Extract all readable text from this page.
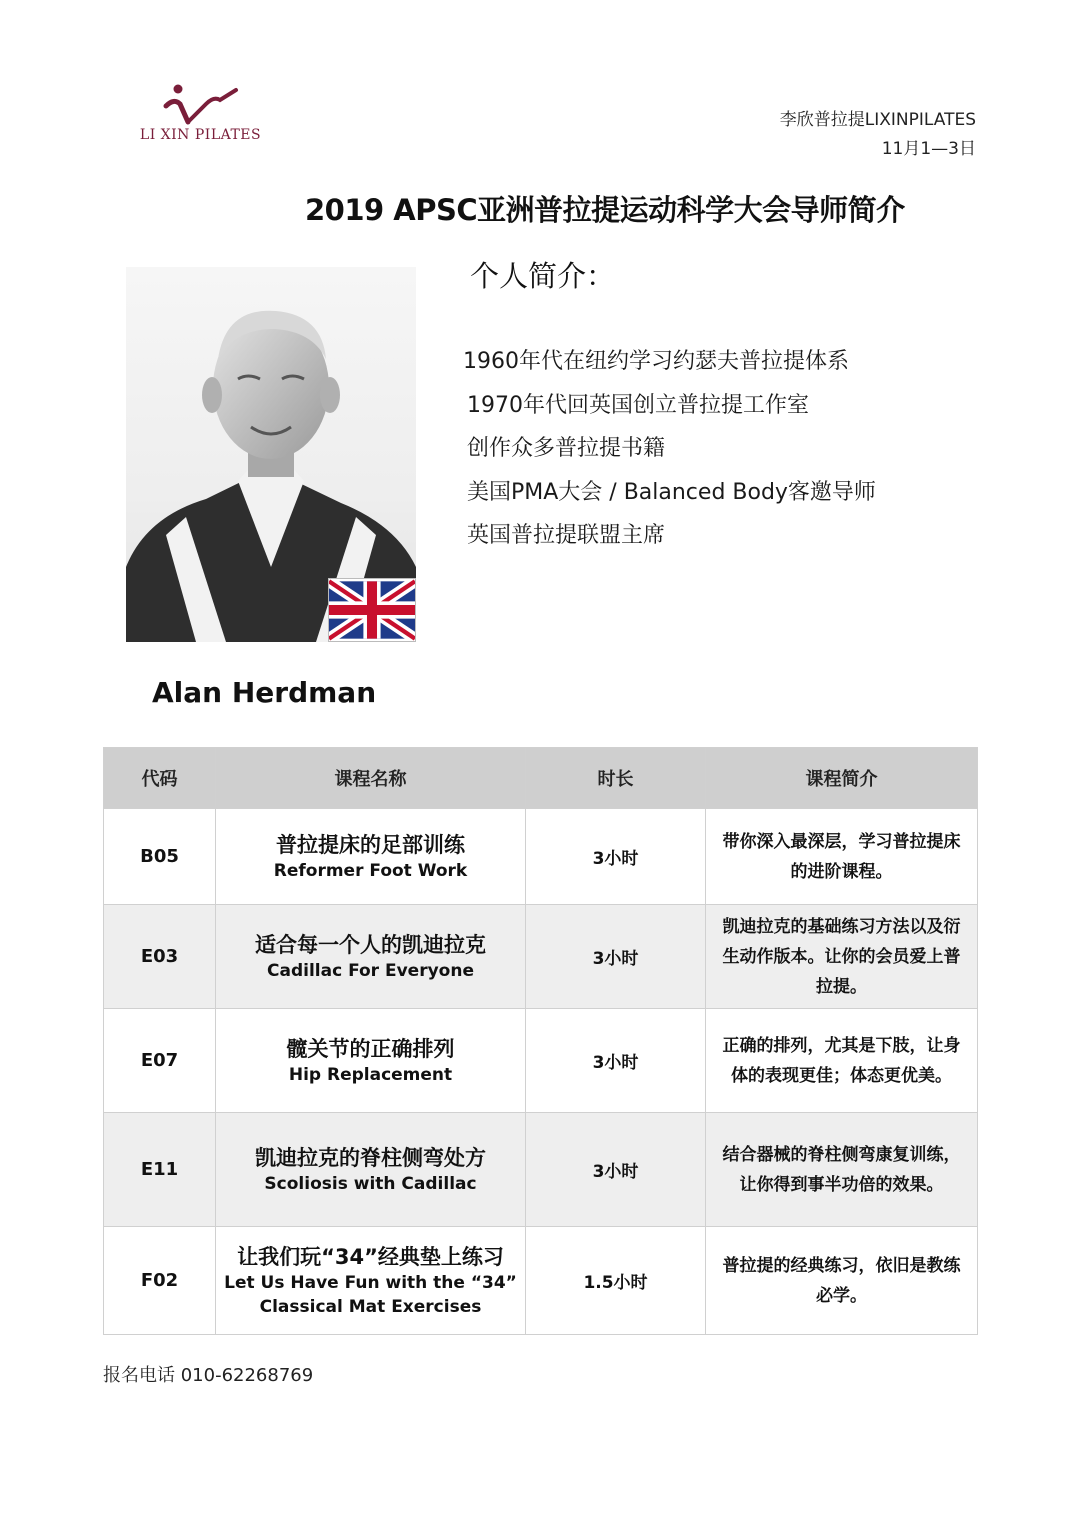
LI XIN PILATES
李欣普拉提LIXINPILATES
11月1—3日
2019 APSC亚洲普拉提运动科学大会导师简介
个人简介：
1960年代在纽约学习约瑟夫普拉提体系
1970年代回英国创立普拉提工作室
创作众多普拉提书籍
美国PMA大会 / Balanced Body客邀导师
英国普拉提联盟主席
Alan Herdman
代码	课程名称	时长	课程简介
B05	普拉提床的足部训练
Reformer Foot Work	3小时	带你深入最深层，学习普拉提床的进阶课程。
E03	适合每一个人的凯迪拉克
Cadillac For Everyone	3小时	凯迪拉克的基础练习方法以及衍生动作版本。让你的会员爱上普拉提。
E07	髋关节的正确排列
Hip Replacement	3小时	正确的排列，尤其是下肢，让身体的表现更佳；体态更优美。
E11	凯迪拉克的脊柱侧弯处方
Scoliosis with Cadillac	3小时	结合器械的脊柱侧弯康复训练，让你得到事半功倍的效果。
F02	让我们玩“34”经典垫上练习
Let Us Have Fun with the “34” Classical Mat Exercises	1.5小时	普拉提的经典练习，依旧是教练必学。
报名电话 010-62268769
